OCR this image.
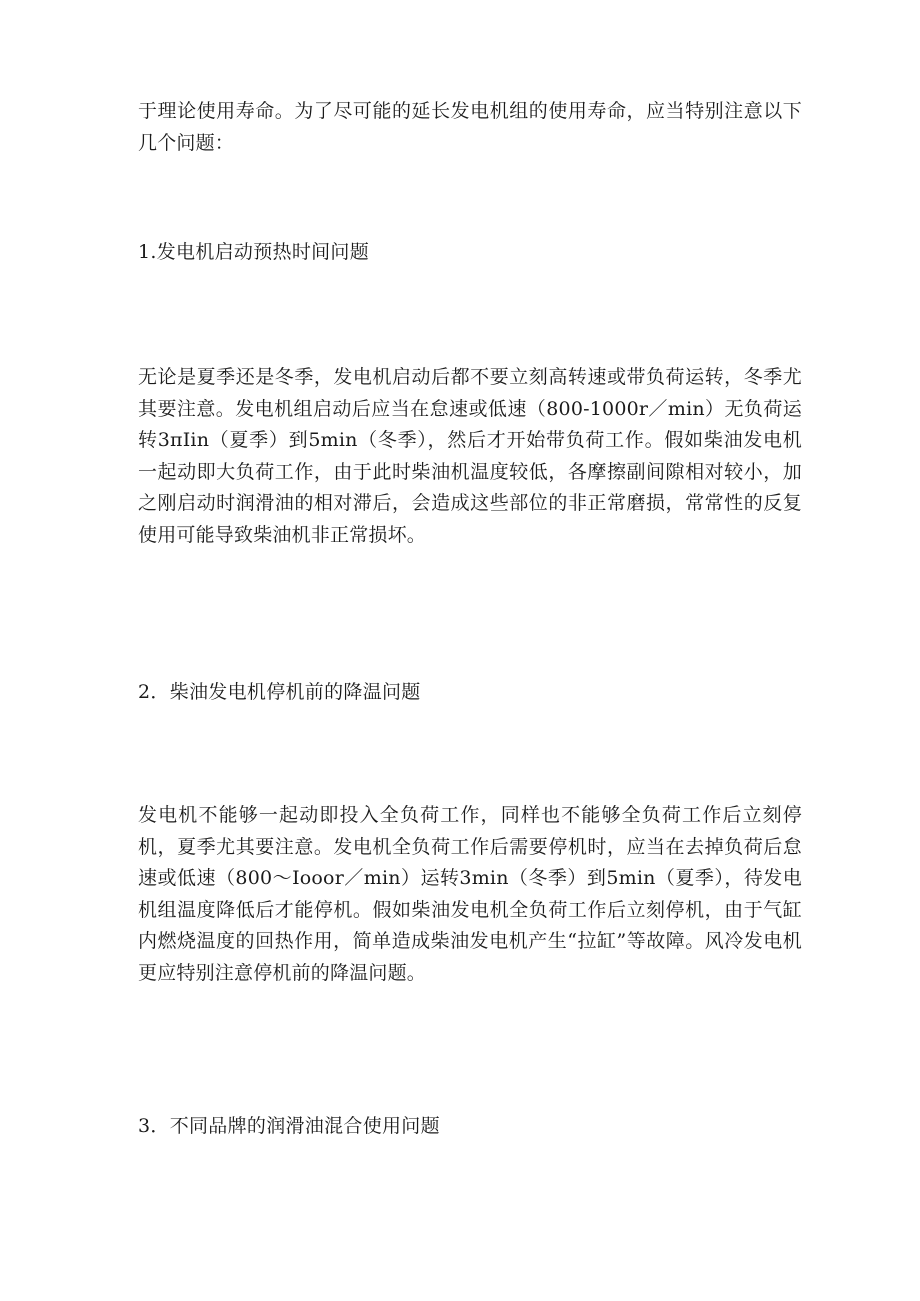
于理论使用寿命。为了尽可能的延长发电机组的使用寿命，应当特别注意以下几个问题：

1.发电机启动预热时间问题

无论是夏季还是冬季，发电机启动后都不要立刻高转速或带负荷运转，冬季尤其要注意。发电机组启动后应当在怠速或低速（800-1000r／min）无负荷运转3πIin（夏季）到5min（冬季），然后才开始带负荷工作。假如柴油发电机一起动即大负荷工作，由于此时柴油机温度较低，各摩擦副间隙相对较小，加之刚启动时润滑油的相对滞后，会造成这些部位的非正常磨损，常常性的反复使用可能导致柴油机非正常损坏。

2．柴油发电机停机前的降温问题

发电机不能够一起动即投入全负荷工作，同样也不能够全负荷工作后立刻停机，夏季尤其要注意。发电机全负荷工作后需要停机时，应当在去掉负荷后怠速或低速（800～Iooor／min）运转3min（冬季）到5min（夏季），待发电机组温度降低后才能停机。假如柴油发电机全负荷工作后立刻停机，由于气缸内燃烧温度的回热作用，简单造成柴油发电机产生“拉缸”等故障。风冷发电机更应特别注意停机前的降温问题。

3．不同品牌的润滑油混合使用问题
